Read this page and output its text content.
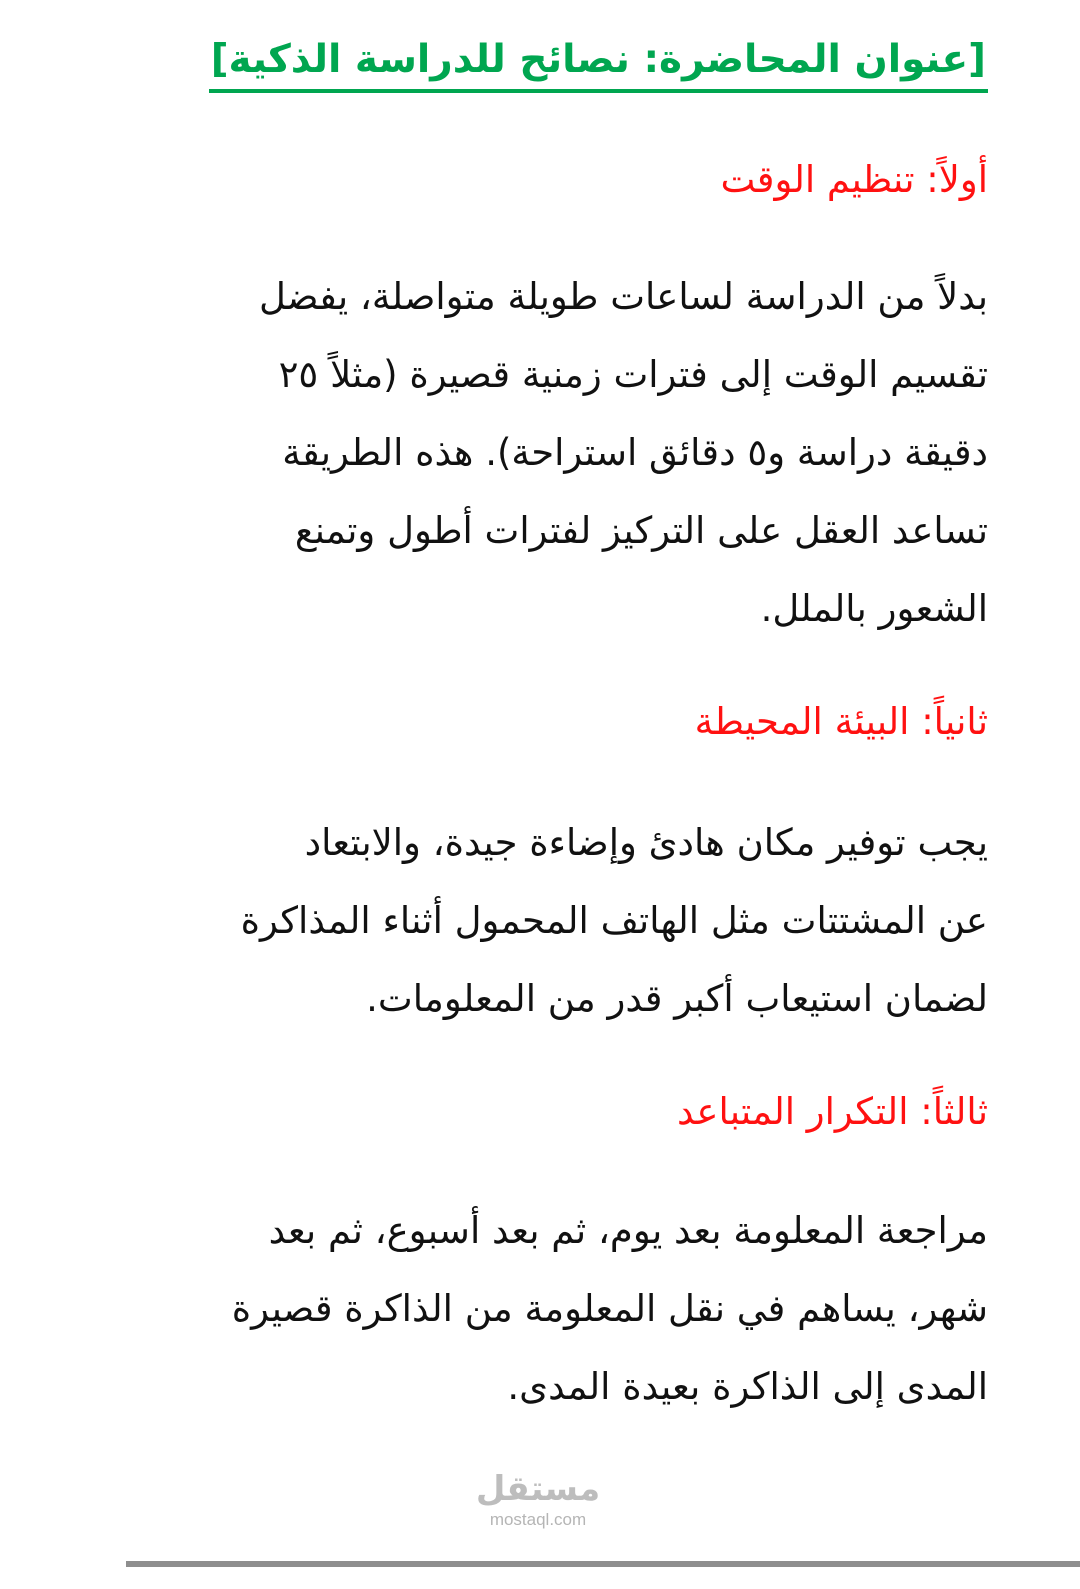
[عنوان المحاضرة: نصائح للدراسة الذكية]
أولاً: تنظيم الوقت
بدلاً من الدراسة لساعات طويلة متواصلة، يفضل
تقسيم الوقت إلى فترات زمنية قصيرة (مثلاً ٢٥
دقيقة دراسة و٥ دقائق استراحة). هذه الطريقة
تساعد العقل على التركيز لفترات أطول وتمنع
الشعور بالملل.
ثانياً: البيئة المحيطة
يجب توفير مكان هادئ وإضاءة جيدة، والابتعاد
عن المشتتات مثل الهاتف المحمول أثناء المذاكرة
لضمان استيعاب أكبر قدر من المعلومات.
ثالثاً: التكرار المتباعد
مراجعة المعلومة بعد يوم، ثم بعد أسبوع، ثم بعد
شهر، يساهم في نقل المعلومة من الذاكرة قصيرة
المدى إلى الذاكرة بعيدة المدى.
مستقل
mostaql.com
